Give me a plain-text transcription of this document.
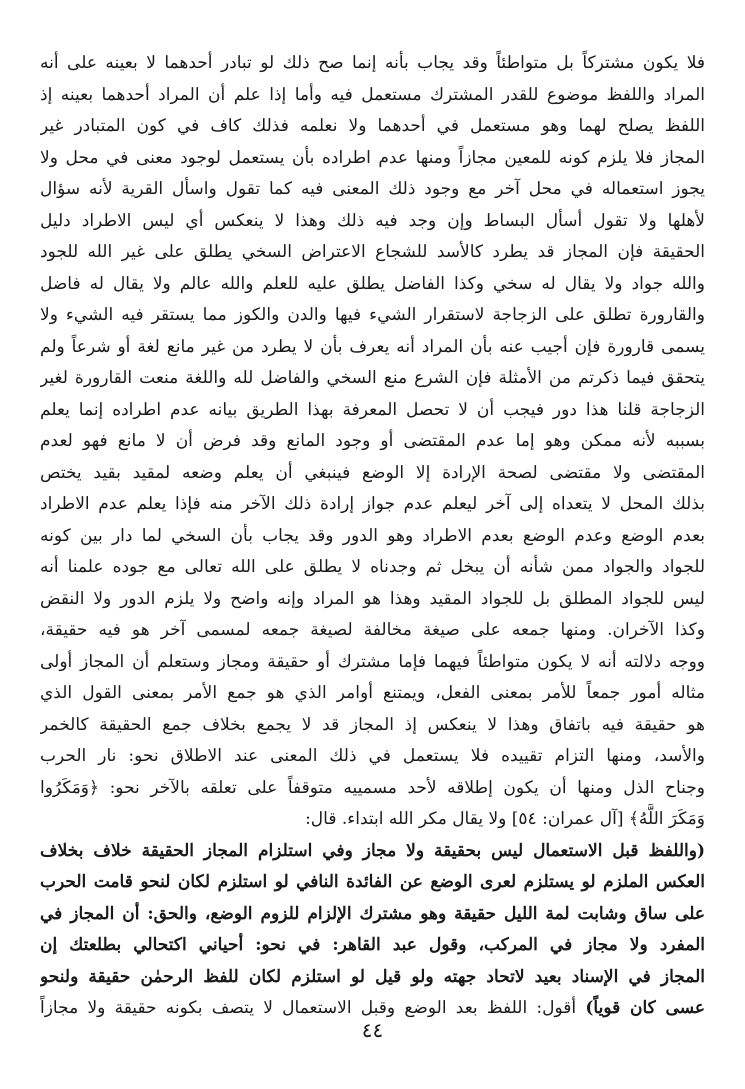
فلا يكون مشتركاً بل متواطئاً وقد يجاب بأنه إنما صح ذلك لو تبادر أحدهما لا بعينه على أنه
المراد واللفظ موضوع للقدر المشترك مستعمل فيه وأما إذا علم أن المراد أحدهما بعينه إذ
اللفظ يصلح لهما وهو مستعمل في أحدهما ولا نعلمه فذلك كاف في كون المتبادر غير
المجاز فلا يلزم كونه للمعين مجازاً ومنها عدم اطراده بأن يستعمل لوجود معنى في محل ولا
يجوز استعماله في محل آخر مع وجود ذلك المعنى فيه كما تقول واسأل القرية لأنه سؤال
لأهلها ولا تقول أسأل البساط وإن وجد فيه ذلك وهذا لا ينعكس أي ليس الاطراد دليل
الحقيقة فإن المجاز قد يطرد كالأسد للشجاع الاعتراض السخي يطلق على غير الله للجود
والله جواد ولا يقال له سخي وكذا الفاضل يطلق عليه للعلم والله عالم ولا يقال له فاضل
والقارورة تطلق على الزجاجة لاستقرار الشيء فيها والدن والكوز مما يستقر فيه الشيء ولا
يسمى قارورة فإن أجيب عنه بأن المراد أنه يعرف بأن لا يطرد من غير مانع لغة أو شرعاً ولم
يتحقق فيما ذكرتم من الأمثلة فإن الشرع منع السخي والفاضل لله واللغة منعت القارورة لغير
الزجاجة قلنا هذا دور فيجب أن لا تحصل المعرفة بهذا الطريق بيانه عدم اطراده إنما يعلم
بسببه لأنه ممكن وهو إما عدم المقتضى أو وجود المانع وقد فرض أن لا مانع فهو لعدم
المقتضى ولا مقتضى لصحة الإرادة إلا الوضع فينبغي أن يعلم وضعه لمقيد بقيد يختص
بذلك المحل لا يتعداه إلى آخر ليعلم عدم جواز إرادة ذلك الآخر منه فإذا يعلم عدم الاطراد
بعدم الوضع وعدم الوضع بعدم الاطراد وهو الدور وقد يجاب بأن السخي لما دار بين كونه
للجواد والجواد ممن شأنه أن يبخل ثم وجدناه لا يطلق على الله تعالى مع جوده علمنا أنه
ليس للجواد المطلق بل للجواد المقيد وهذا هو المراد وإنه واضح ولا يلزم الدور ولا النقض
وكذا الآخران. ومنها جمعه على صيغة مخالفة لصيغة جمعه لمسمى آخر هو فيه حقيقة،
ووجه دلالته أنه لا يكون متواطئاً فيهما فإما مشترك أو حقيقة ومجاز وستعلم أن المجاز أولى
مثاله أمور جمعاً للأمر بمعنى الفعل، ويمتنع أوامر الذي هو جمع الأمر بمعنى القول الذي
هو حقيقة فيه باتفاق وهذا لا ينعكس إذ المجاز قد لا يجمع بخلاف جمع الحقيقة كالخمر
والأسد، ومنها التزام تقييده فلا يستعمل في ذلك المعنى عند الاطلاق نحو: نار الحرب
وجناح الذل ومنها أن يكون إطلاقه لأحد مسمييه متوقفاً على تعلقه بالآخر نحو: ﴿وَمَكَرُوا
وَمَكَرَ اللَّهُ﴾ [آل عمران: ٥٤] ولا يقال مكر الله ابتداء. قال:
(واللفظ قبل الاستعمال ليس بحقيقة ولا مجاز وفي استلزام المجاز الحقيقة خلاف بخلاف
العكس الملزم لو يستلزم لعرى الوضع عن الفائدة النافي لو استلزم لكان لنحو قامت الحرب
على ساق وشابت لمة الليل حقيقة وهو مشترك الإلزام للزوم الوضع، والحق: أن المجاز في
المفرد ولا مجاز في المركب، وقول عبد القاهر: في نحو: أحياني اكتحالي بطلعتك إن
المجاز في الإسناد بعيد لاتحاد جهته ولو قيل لو استلزم لكان للفظ الرحمٰن حقيقة ولنحو
عسى كان قوياً) أقول: اللفظ بعد الوضع وقبل الاستعمال لا يتصف بكونه حقيقة ولا مجازاً
٤٤
